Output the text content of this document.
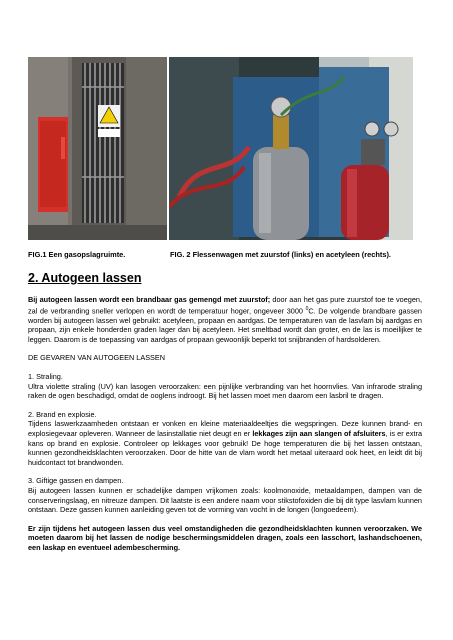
FIG.1 Een gasopslagruimte.	FIG. 2 Flessenwagen met zuurstof (links) en acetyleen (rechts).
2. Autogeen lassen

Bij autogeen lassen wordt een brandbaar gas gemengd met zuurstof; door aan het gas pure zuurstof toe te voegen, zal de verbranding sneller verlopen en wordt de temperatuur hoger, ongeveer 3000 $^0$C. De volgende brandbare gassen worden bij autogeen lassen wel gebruikt: acetyleen, propaan en aardgas. De temperaturen van de lasvlam bij aardgas en propaan, zijn enkele honderden graden lager dan bij acetyleen. Het smeltbad wordt dan groter, en de las is moeilijker te leggen. Daarom is de toepassing van aardgas of propaan gewoonlijk beperkt tot snijbranden of hardsolderen.

DE GEVAREN VAN AUTOGEEN LASSEN

1. Straling.

Ultra violette straling (UV) kan lasogen veroorzaken: een pijnlijke verbranding van het hoornvlies. Van infrarode straling raken de ogen beschadigd, omdat de ooglens indroogt. Bij het lassen moet men daarom een lasbril te dragen.

2. Brand en explosie.

Tijdens laswerkzaamheden ontstaan er vonken en kleine materiaaldeeltjes die wegspringen. Deze kunnen brand- en explosiegevaar opleveren. Wanneer de lasinstallatie niet deugt en er lekkages zijn aan slangen of afsluiters, is er extra kans op brand en explosie. Controleer op lekkages voor gebruik! De hoge temperaturen die bij het lassen ontstaan, kunnen gezondheidsklachten veroorzaken. Door de hitte van de vlam wordt het metaal uiteraard ook heet, en leidt dit bij huidcontact tot brandwonden.

3. Giftige gassen en dampen.

Bij autogeen lassen kunnen er schadelijke dampen vrijkomen zoals: koolmonoxide, metaaldampen, dampen van de conserveringslaag, en nitreuze dampen. Dit laatste is een andere naam voor stikstofoxiden die bij dit type lasvlam kunnen ontstaan. Deze gassen kunnen aanleiding geven tot de vorming van vocht in de longen (longoedeem).

Er zijn tijdens het autogeen lassen dus veel omstandigheden die gezondheidsklachten kunnen veroorzaken. We moeten daarom bij het lassen de nodige beschermingsmiddelen dragen, zoals een lasschort, lashandschoenen, een laskap en eventueel adembescherming.
